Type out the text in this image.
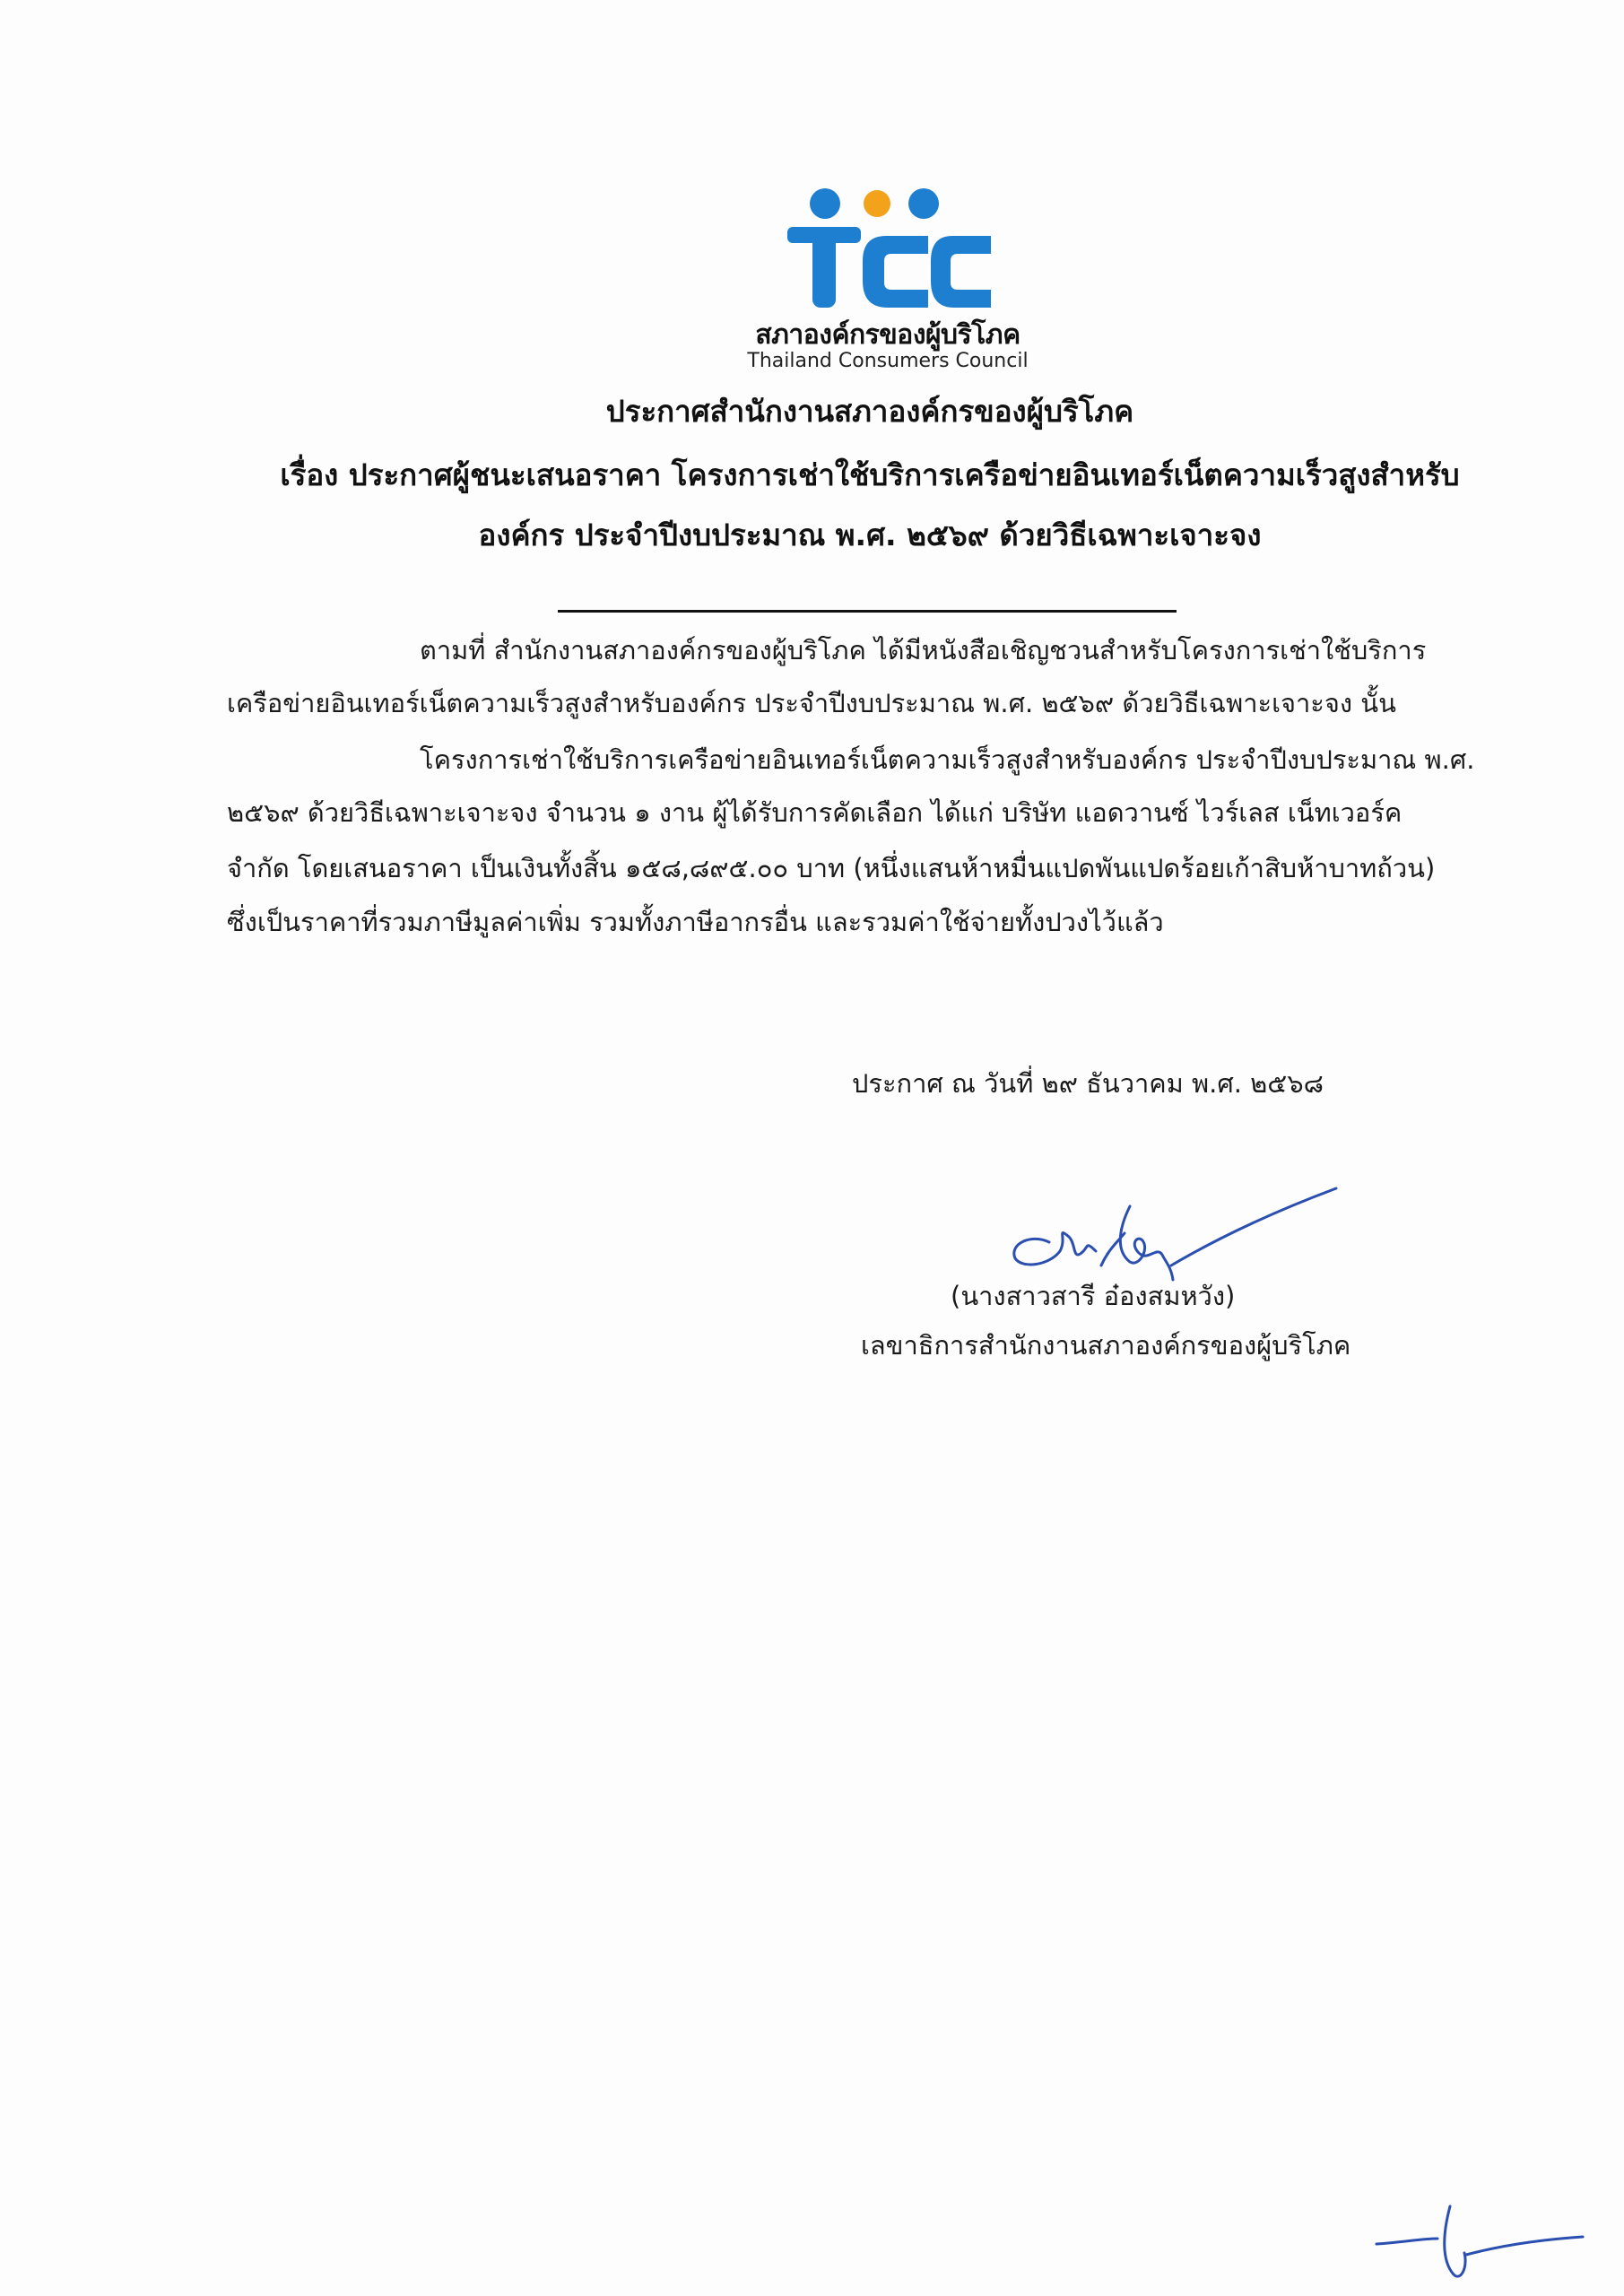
สภาองค์กรของผู้บริโภค
Thailand Consumers Council
ประกาศสำนักงานสภาองค์กรของผู้บริโภค
เรื่อง ประกาศผู้ชนะเสนอราคา โครงการเช่าใช้บริการเครือข่ายอินเทอร์เน็ตความเร็วสูงสำหรับ
องค์กร ประจำปีงบประมาณ พ.ศ. ๒๕๖๙ ด้วยวิธีเฉพาะเจาะจง
ตามที่ สำนักงานสภาองค์กรของผู้บริโภค ได้มีหนังสือเชิญชวนสำหรับโครงการเช่าใช้บริการ
เครือข่ายอินเทอร์เน็ตความเร็วสูงสำหรับองค์กร ประจำปีงบประมาณ พ.ศ. ๒๕๖๙ ด้วยวิธีเฉพาะเจาะจง นั้น
โครงการเช่าใช้บริการเครือข่ายอินเทอร์เน็ตความเร็วสูงสำหรับองค์กร ประจำปีงบประมาณ พ.ศ.
๒๕๖๙ ด้วยวิธีเฉพาะเจาะจง จำนวน ๑ งาน ผู้ได้รับการคัดเลือก ได้แก่ บริษัท แอดวานซ์ ไวร์เลส เน็ทเวอร์ค
จำกัด โดยเสนอราคา เป็นเงินทั้งสิ้น ๑๕๘,๘๙๕.๐๐ บาท (หนึ่งแสนห้าหมื่นแปดพันแปดร้อยเก้าสิบห้าบาทถ้วน)
ซึ่งเป็นราคาที่รวมภาษีมูลค่าเพิ่ม รวมทั้งภาษีอากรอื่น และรวมค่าใช้จ่ายทั้งปวงไว้แล้ว
ประกาศ ณ วันที่ ๒๙ ธันวาคม พ.ศ. ๒๕๖๘
(นางสาวสารี อ๋องสมหวัง)
เลขาธิการสำนักงานสภาองค์กรของผู้บริโภค
